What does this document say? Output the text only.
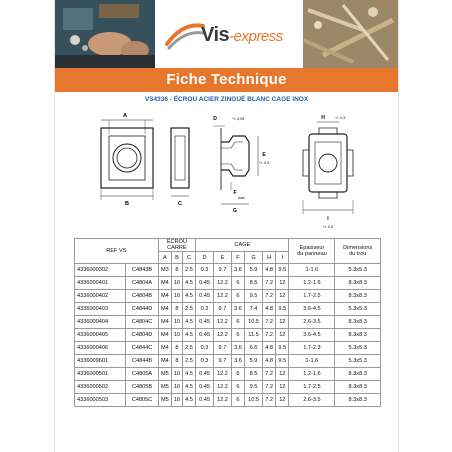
Vis-express
Fiche Technique
VS4336 - ÉCROU ACIER ZINGUÉ BLANC CAGE INOX
A
B	C
D	+/- 0,05
E
+/- 0,3
F
max
G
H	+/- 0,3
I
+/- 0,5
REF VS		ÉCROU
CARRÉ			CAGE						Epaisseur
du panneau	Dimensions
du trou
		A	B	C	D	E	F	G	H	I		
4336000302	C4843B	M3	8	2.5	0.3	9.7	3.6	5.9	4.8	9.5	1-1.6	5.3x5.3
4336000401	C4804A	M4	10	4.5	0.45	12.2	6	8.5	7.2	12	1.2-1.6	8.3x8.3
4336000402	C4804B	M4	10	4.5	0.45	12.2	6	9.5	7.2	12	1.7-2.5	8.3x8.3
4336000403	C4844D	M4	8	2.5	0.3	9.7	3.6	7.4	4.8	9.5	3.6-4.5	5.3x5.3
4336000404	C4804C	M4	10	4.5	0.45	12.2	6	10.5	7.2	12	2.6-3.5	8.3x8.3
4336000405	C4804D	M4	10	4.5	0.45	12.2	6	11.5	7.2	12	3.6-4.5	8.3x8.3
4336000406	C4844C	M4	8	2.5	0.3	9.7	3.6	6.6	4.8	9.5	1.7-2.3	5.3x5.3
4336009601	C4844B	M4	8	2.5	0.3	9.7	3.6	5.9	4.8	9.5	1-1.6	5.3x5.3
4336000501	C4805A	M5	10	4.5	0.45	12.2	6	8.5	7.2	12	1.2-1.6	8.3x8.3
4336000502	C4805B	M5	10	4.5	0.45	12.2	6	9.5	7.2	12	1.7-2.5	8.3x8.3
4336000503	C4805C	M5	10	4.5	0.45	12.2	6	10.5	7.2	12	2.6-3.5	8.3x8.3
